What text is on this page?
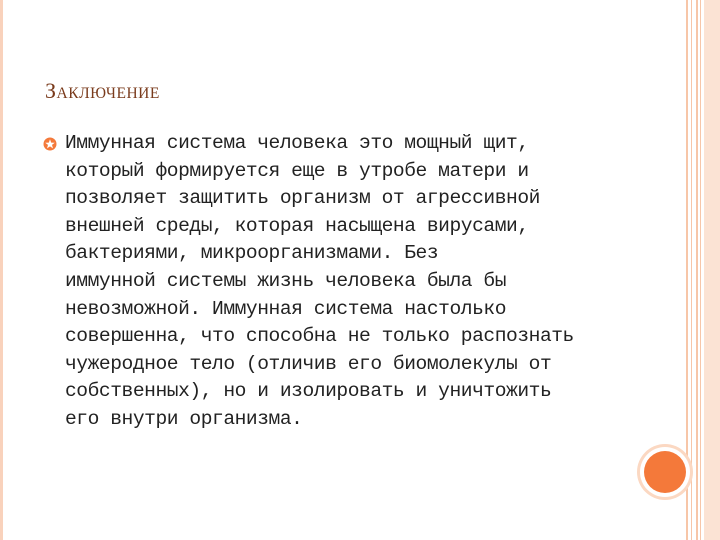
ЗАКЛЮЧЕНИЕ
Иммунная система человека это мощный щит,
который формируется еще в утробе матери и
позволяет защитить организм от агрессивной
внешней среды, которая насыщена вирусами,
бактериями, микроорганизмами. Без
иммунной системы жизнь человека была бы
невозможной. Иммунная система настолько
совершенна, что способна не только распознать
чужеродное тело (отличив его биомолекулы от
собственных), но и изолировать и уничтожить
его внутри организма.
